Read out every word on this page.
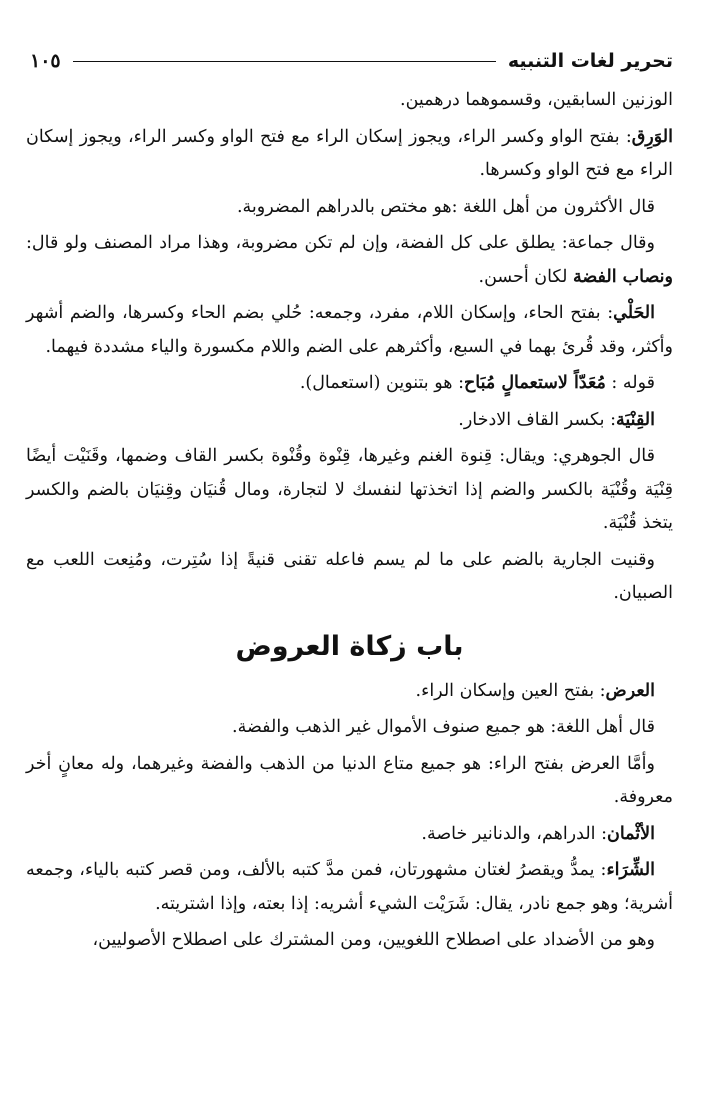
تحرير لغات التنبيه
١٠٥

الوزنين السابقين، وقسموهما درهمين.

الوَرِق: بفتح الواو وكسر الراء، ويجوز إسكان الراء مع فتح الواو وكسر الراء، ويجوز إسكان الراء مع فتح الواو وكسرها.

قال الأكثرون من أهل اللغة :هو مختص بالدراهم المضروبة.

وقال جماعة: يطلق على كل الفضة، وإن لم تكن مضروبة، وهذا مراد المصنف ولو قال: ونصاب الفضة لكان أحسن.

الحَلْي: بفتح الحاء، وإسكان اللام، مفرد، وجمعه: حُلي بضم الحاء وكسرها، والضم أشهر وأكثر، وقد قُرئ بهما في السبع، وأكثرهم على الضم واللام مكسورة والياء مشددة فيهما.

قوله : مُعَدّاً لاستعمالٍ مُبَاح: هو بتنوين (استعمال).

القِنْيَة: بكسر القاف الادخار.

قال الجوهري: ويقال: قِنوة الغنم وغيرها، قِنْوة وقُنْوة بكسر القاف وضمها، وقَنَيْت أيضًا قِنْيَة وقُنْيَة بالكسر والضم إذا اتخذتها لنفسك لا لتجارة، ومال قُنيَان وقِنيَان بالضم والكسر يتخذ قُنْيَة.

وقنيت الجارية بالضم على ما لم يسم فاعله تقنى قنيةً إذا سُتِرت، ومُنِعت اللعب مع الصبيان.

باب زكاة العروض

العرض: بفتح العين وإسكان الراء.

قال أهل اللغة: هو جميع صنوف الأموال غير الذهب والفضة.

وأمَّا العرض بفتح الراء: هو جميع متاع الدنيا من الذهب والفضة وغيرهما، وله معانٍ أخر معروفة.

الأثْمان: الدراهم، والدنانير خاصة.

الشِّرَاء: يمدُّ ويقصرُ لغتان مشهورتان، فمن مدَّ كتبه بالألف، ومن قصر كتبه بالياء، وجمعه أشرية؛ وهو جمع نادر، يقال: شَرَيْت الشيء أشريه: إذا بعته، وإذا اشتريته.

وهو من الأضداد على اصطلاح اللغويين، ومن المشترك على اصطلاح الأصوليين،
